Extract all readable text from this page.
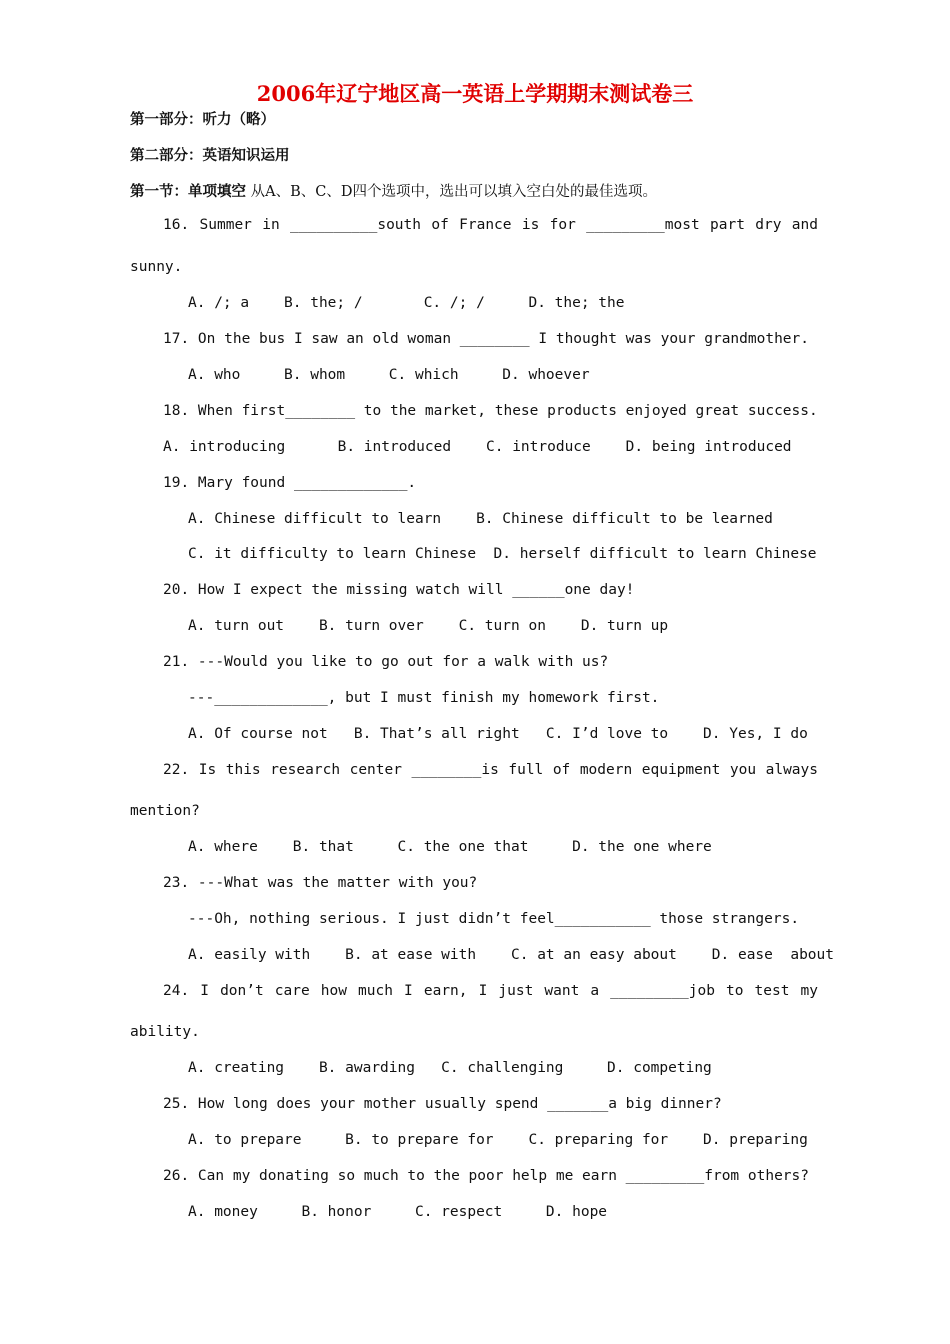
2006年辽宁地区高一英语上学期期末测试卷三
第一部分：听力（略）
第二部分：英语知识运用
第一节：单项填空 从A、B、C、D四个选项中，选出可以填入空白处的最佳选项。
16. Summer in __________south of France is for _________most part dry and
sunny.
A. /; a    B. the; /       C. /; /     D. the; the
17. On the bus I saw an old woman ________ I thought was your grandmother.
A. who     B. whom     C. which     D. whoever
18. When first________ to the market, these products enjoyed great success.
A. introducing      B. introduced    C. introduce    D. being introduced
19. Mary found _____________.
A. Chinese difficult to learn    B. Chinese difficult to be learned
C. it difficulty to learn Chinese  D. herself difficult to learn Chinese
20. How I expect the missing watch will ______one day!
A. turn out    B. turn over    C. turn on    D. turn up
21. ---Would you like to go out for a walk with us?
---_____________, but I must finish my homework first.
A. Of course not   B. That’s all right   C. I’d love to    D. Yes, I do
22. Is this research center ________is full of modern equipment you always
mention?
A. where    B. that     C. the one that     D. the one where
23. ---What was the matter with you?
---Oh, nothing serious. I just didn’t feel___________ those strangers.
A. easily with    B. at ease with    C. at an easy about    D. ease  about
24. I don’t care how much I earn, I just want a _________job to test my
ability.
A. creating    B. awarding   C. challenging     D. competing
25. How long does your mother usually spend _______a big dinner?
A. to prepare     B. to prepare for    C. preparing for    D. preparing
26. Can my donating so much to the poor help me earn _________from others?
A. money     B. honor     C. respect     D. hope
